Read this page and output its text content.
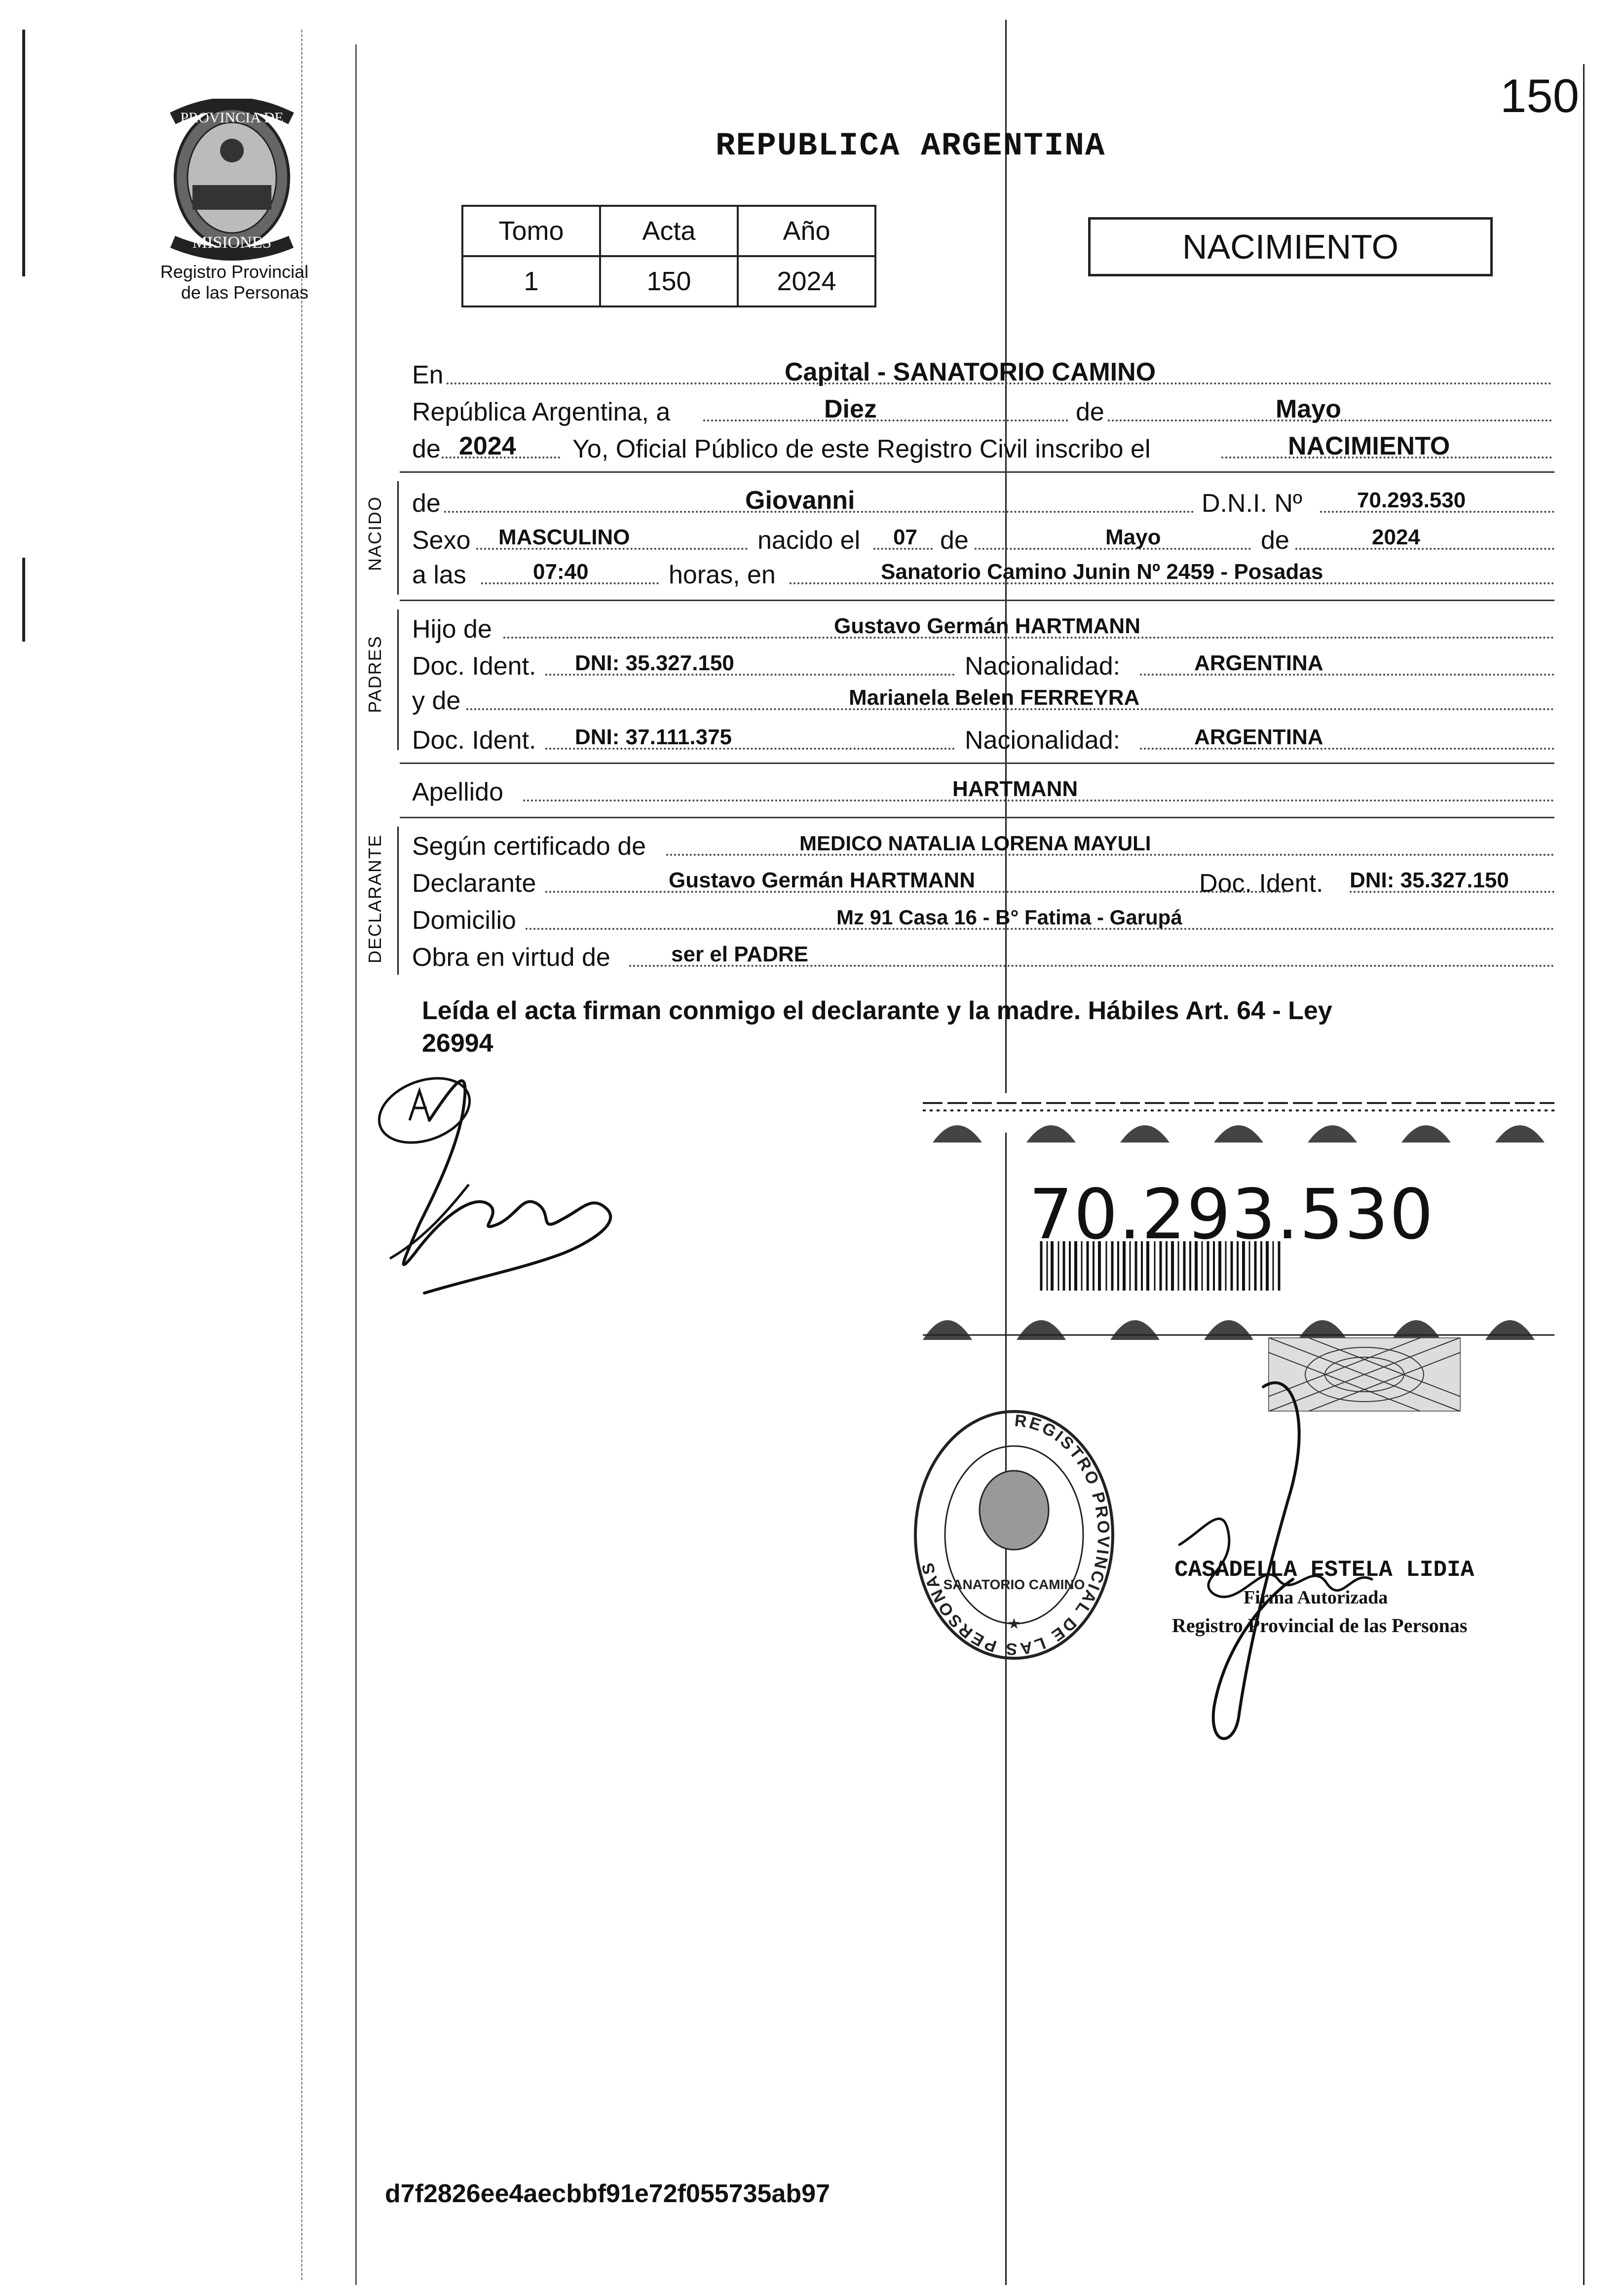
150
PROVINCIA DE
MISIONES
Registro Provincial
de las Personas
REPUBLICA ARGENTINA
Tomo	Acta	Año
1	150	2024
NACIMIENTO
En	Capital - SANATORIO CAMINO
República Argentina, a	Diez	de	Mayo
de 2024 Yo, Oficial Público de este Registro Civil inscribo el	NACIMIENTO
NACIDO de	Giovanni	D.N.I. Nº	70.293.530
Sexo MASCULINO	nacido el 07 de	Mayo	de	2024
a las	07:40	horas, en	Sanatorio Camino Junin Nº 2459 - Posadas
PADRES
Hijo de	Gustavo Germán HARTMANN
Doc. Ident. DNI: 35.327.150	Nacionalidad:	ARGENTINA
y de	Marianela Belen FERREYRA
Doc. Ident. DNI: 37.111.375	Nacionalidad:	ARGENTINA
Apellido	HARTMANN
DECLARANTE Según certificado de	MEDICO NATALIA LORENA MAYULI
Declarante	Gustavo Germán HARTMANN	Doc. Ident. DNI: 35.327.150
Domicilio	Mz 91 Casa 16 - B° Fatima - Garupá
Obra en virtud de	ser el PADRE
Leída el acta firman conmigo el declarante y la madre. Hábiles Art. 64 - Ley
26994
70.293.530
REGISTRO PROVINCIAL DE LAS PERSONAS
SANATORIO CAMINO
★
CASADELLA ESTELA LIDIA
Firma Autorizada
Registro Provincial de las Personas
d7f2826ee4aecbbf91e72f055735ab97
